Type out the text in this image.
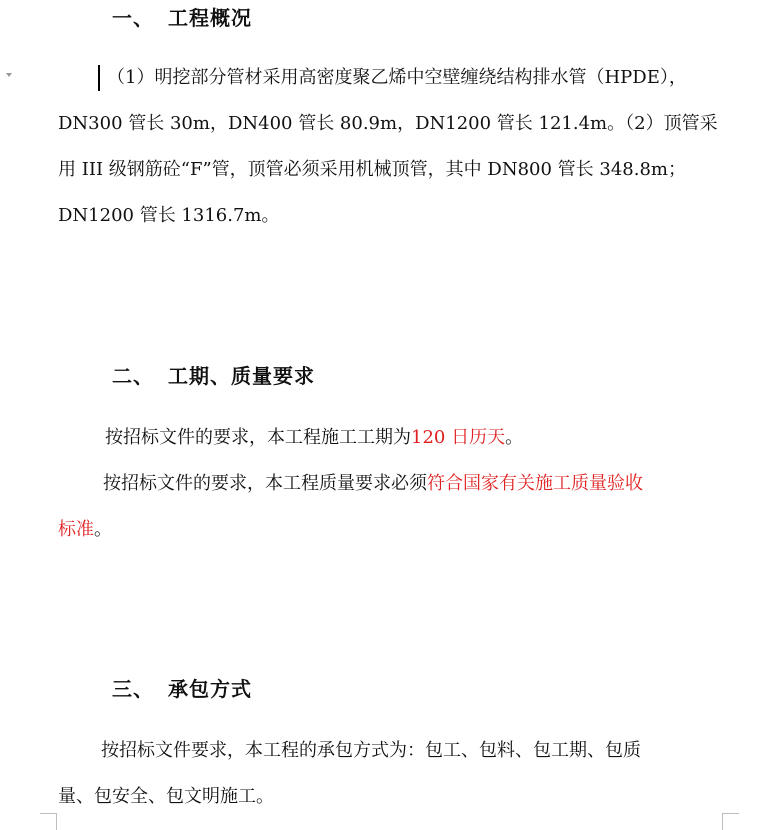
一、 工程概况
（1）明挖部分管材采用高密度聚乙烯中空壁缠绕结构排水管（HPDE），
DN300 管长 30m，DN400 管长 80.9m，DN1200 管长 121.4m。（2）顶管采
用 III 级钢筋砼“F”管，顶管必须采用机械顶管，其中 DN800 管长 348.8m；
DN1200 管长 1316.7m。
二、 工期、质量要求
按招标文件的要求，本工程施工工期为120 日历天。
按招标文件的要求，本工程质量要求必须符合国家有关施工质量验收
标准。
三、 承包方式
按招标文件要求，本工程的承包方式为：包工、包料、包工期、包质
量、包安全、包文明施工。
